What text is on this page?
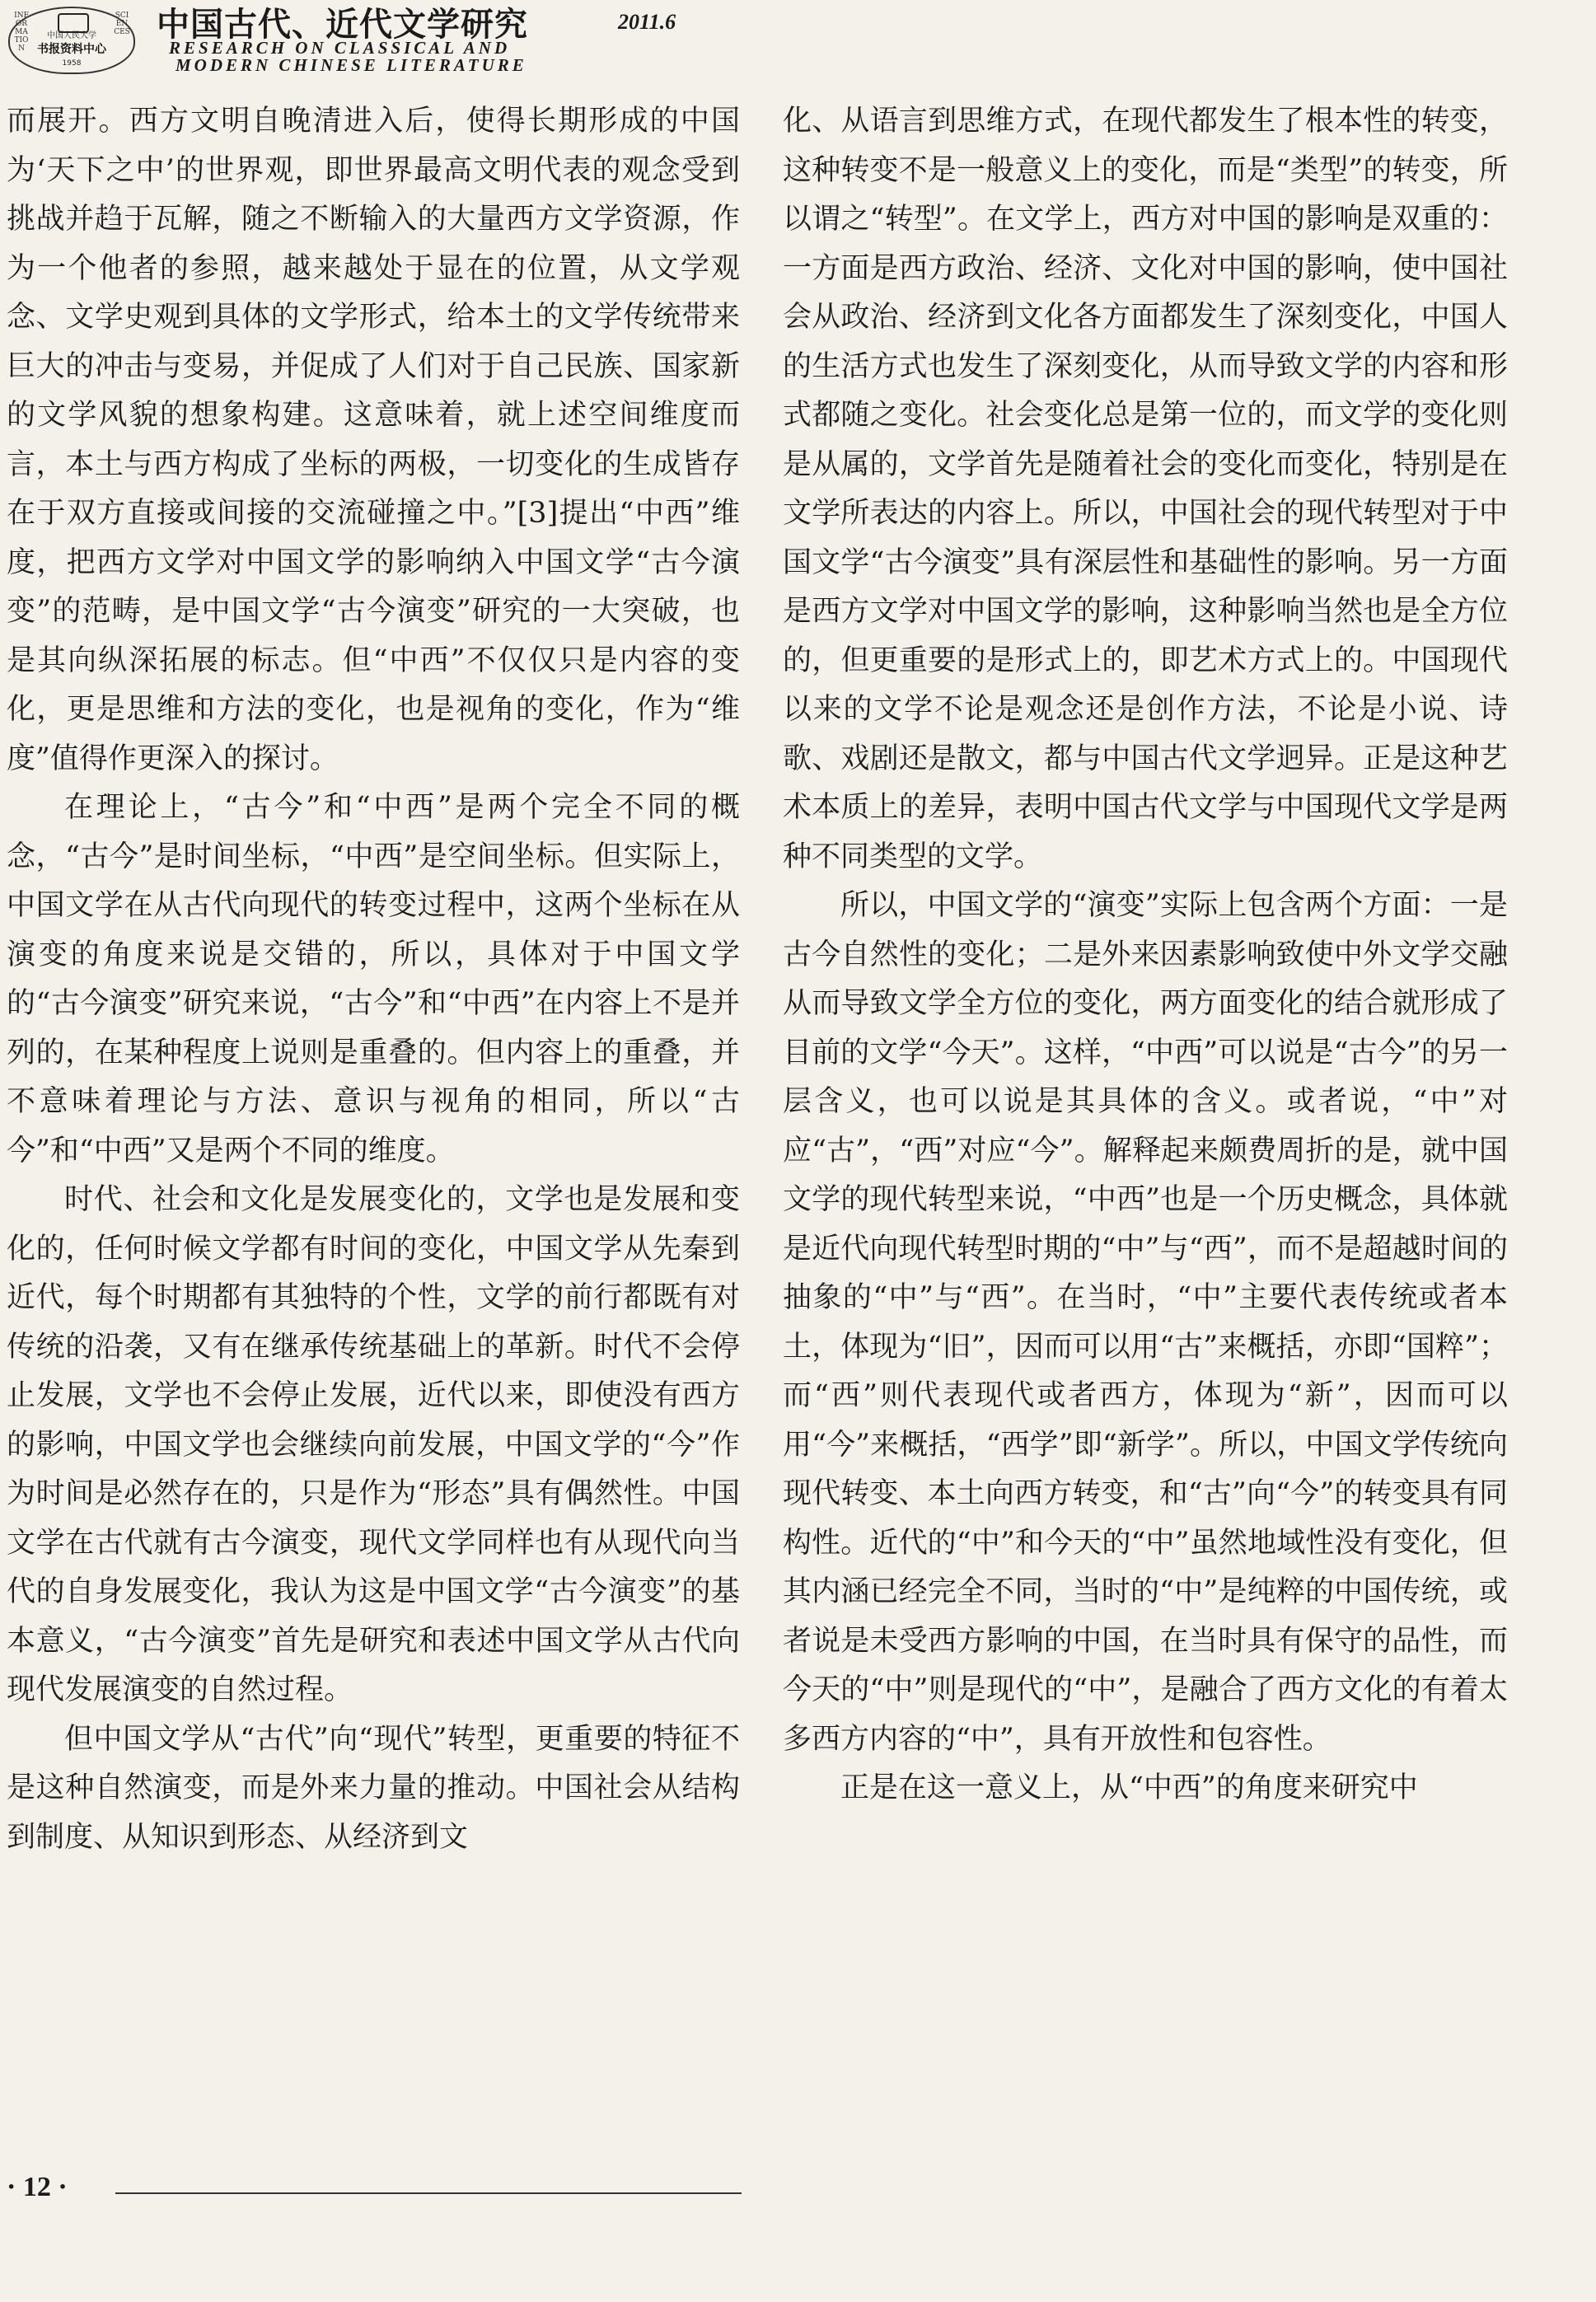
INFORMATION
中国人民大学
书报资料中心
1958
SCIENCES 中国古代、近代文学研究	2011.6
RESEARCH ON CLASSICAL AND
MODERN CHINESE LITERATURE

而展开。西方文明自晚清进入后，使得长期形成的中国为‘天下之中’的世界观，即世界最高文明代表的观念受到挑战并趋于瓦解，随之不断输入的大量西方文学资源，作为一个他者的参照，越来越处于显在的位置，从文学观念、文学史观到具体的文学形式，给本土的文学传统带来巨大的冲击与变易，并促成了人们对于自己民族、国家新的文学风貌的想象构建。这意味着，就上述空间维度而言，本土与西方构成了坐标的两极，一切变化的生成皆存在于双方直接或间接的交流碰撞之中。”[3]提出“中西”维度，把西方文学对中国文学的影响纳入中国文学“古今演变”的范畴，是中国文学“古今演变”研究的一大突破，也是其向纵深拓展的标志。但“中西”不仅仅只是内容的变化，更是思维和方法的变化，也是视角的变化，作为“维度”值得作更深入的探讨。

在理论上，“古今”和“中西”是两个完全不同的概念，“古今”是时间坐标，“中西”是空间坐标。但实际上，中国文学在从古代向现代的转变过程中，这两个坐标在从演变的角度来说是交错的，所以，具体对于中国文学的“古今演变”研究来说，“古今”和“中西”在内容上不是并列的，在某种程度上说则是重叠的。但内容上的重叠，并不意味着理论与方法、意识与视角的相同，所以“古今”和“中西”又是两个不同的维度。

时代、社会和文化是发展变化的，文学也是发展和变化的，任何时候文学都有时间的变化，中国文学从先秦到近代，每个时期都有其独特的个性，文学的前行都既有对传统的沿袭，又有在继承传统基础上的革新。时代不会停止发展，文学也不会停止发展，近代以来，即使没有西方的影响，中国文学也会继续向前发展，中国文学的“今”作为时间是必然存在的，只是作为“形态”具有偶然性。中国文学在古代就有古今演变，现代文学同样也有从现代向当代的自身发展变化，我认为这是中国文学“古今演变”的基本意义，“古今演变”首先是研究和表述中国文学从古代向现代发展演变的自然过程。

但中国文学从“古代”向“现代”转型，更重要的特征不是这种自然演变，而是外来力量的推动。中国社会从结构到制度、从知识到形态、从经济到文

化、从语言到思维方式，在现代都发生了根本性的转变，这种转变不是一般意义上的变化，而是“类型”的转变，所以谓之“转型”。在文学上，西方对中国的影响是双重的：一方面是西方政治、经济、文化对中国的影响，使中国社会从政治、经济到文化各方面都发生了深刻变化，中国人的生活方式也发生了深刻变化，从而导致文学的内容和形式都随之变化。社会变化总是第一位的，而文学的变化则是从属的，文学首先是随着社会的变化而变化，特别是在文学所表达的内容上。所以，中国社会的现代转型对于中国文学“古今演变”具有深层性和基础性的影响。另一方面是西方文学对中国文学的影响，这种影响当然也是全方位的，但更重要的是形式上的，即艺术方式上的。中国现代以来的文学不论是观念还是创作方法，不论是小说、诗歌、戏剧还是散文，都与中国古代文学迥异。正是这种艺术本质上的差异，表明中国古代文学与中国现代文学是两种不同类型的文学。

所以，中国文学的“演变”实际上包含两个方面：一是古今自然性的变化；二是外来因素影响致使中外文学交融从而导致文学全方位的变化，两方面变化的结合就形成了目前的文学“今天”。这样，“中西”可以说是“古今”的另一层含义，也可以说是其具体的含义。或者说，“中”对应“古”，“西”对应“今”。解释起来颇费周折的是，就中国文学的现代转型来说，“中西”也是一个历史概念，具体就是近代向现代转型时期的“中”与“西”，而不是超越时间的抽象的“中”与“西”。在当时，“中”主要代表传统或者本土，体现为“旧”，因而可以用“古”来概括，亦即“国粹”；而“西”则代表现代或者西方，体现为“新”，因而可以用“今”来概括，“西学”即“新学”。所以，中国文学传统向现代转变、本土向西方转变，和“古”向“今”的转变具有同构性。近代的“中”和今天的“中”虽然地域性没有变化，但其内涵已经完全不同，当时的“中”是纯粹的中国传统，或者说是未受西方影响的中国，在当时具有保守的品性，而今天的“中”则是现代的“中”，是融合了西方文化的有着太多西方内容的“中”，具有开放性和包容性。

正是在这一意义上，从“中西”的角度来研究中

· 12 ·
